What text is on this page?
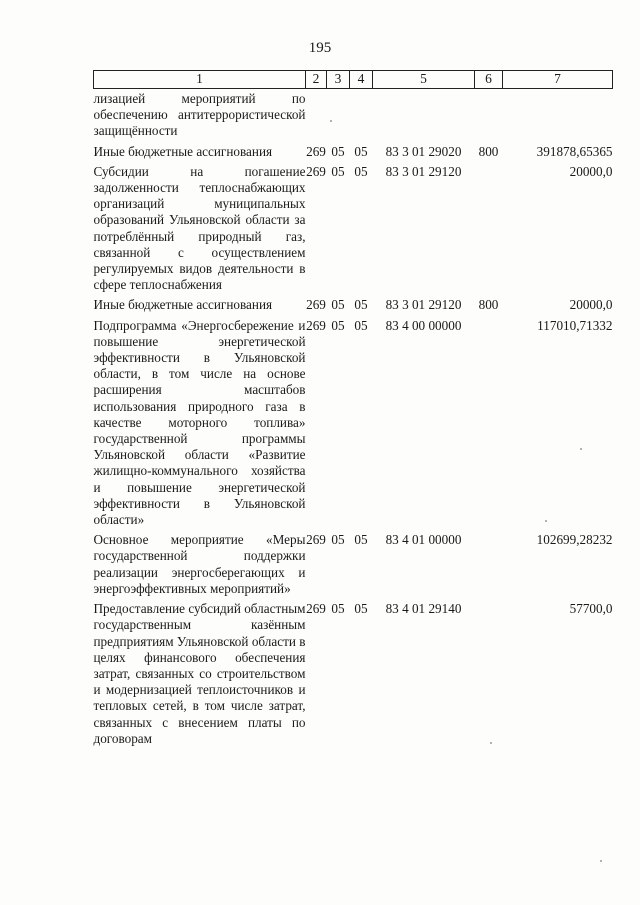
195
1	2	3	4	5	6	7
лизацией мероприятий по обеспечению антитеррористической защищённости						
Иные бюджетные ассигнования	269	05	05	83 3 01 29020	800	391878,65365
Субсидии на погашение задолженности теплоснабжающих организаций муниципальных образований Ульяновской области за потреблённый природный газ, связанной с осуществлением регулируемых видов деятельности в сфере теплоснабжения	269	05	05	83 3 01 29120		20000,0
Иные бюджетные ассигнования	269	05	05	83 3 01 29120	800	20000,0
Подпрограмма «Энергосбережение и повышение энергетической эффективности в Ульяновской области, в том числе на основе расширения масштабов использования природного газа в качестве моторного топлива» государственной программы Ульяновской области «Развитие жилищно-коммунального хозяйства и повышение энергетической эффективности в Ульяновской области»	269	05	05	83 4 00 00000		117010,71332
Основное мероприятие «Меры государственной поддержки реализации энергосберегающих и энергоэффективных мероприятий»	269	05	05	83 4 01 00000		102699,28232
Предоставление субсидий областным государственным казённым предприятиям Ульяновской области в целях финансового обеспечения затрат, связанных со строительством и модернизацией теплоисточников и тепловых сетей, в том числе затрат, связанных с внесением платы по договорам	269	05	05	83 4 01 29140		57700,0
